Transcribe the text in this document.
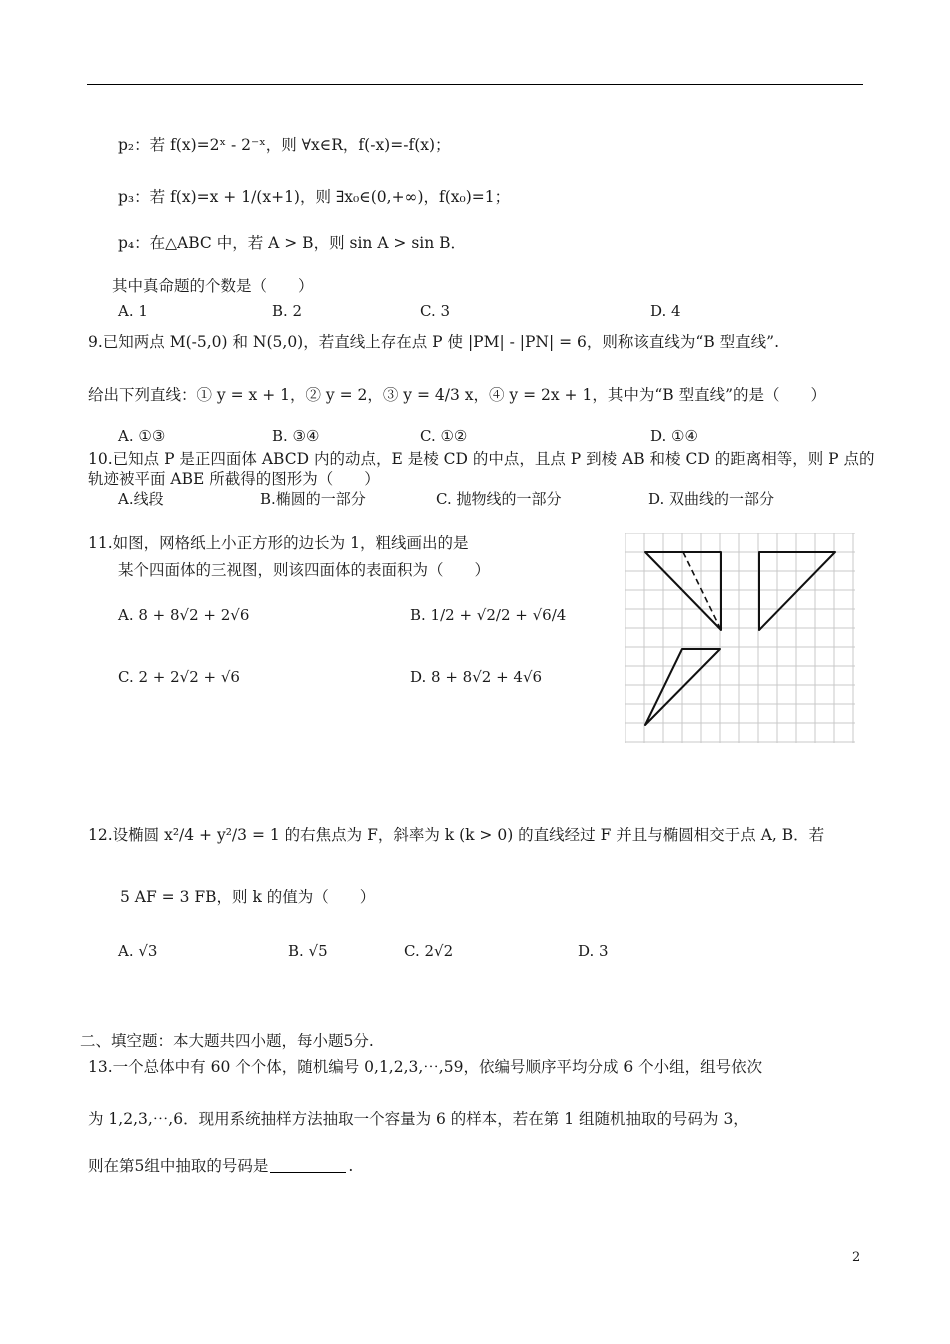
p₂：若 f(x)=2ˣ - 2⁻ˣ，则 ∀x∈R，f(-x)=-f(x)；
p₃：若 f(x)=x + 1/(x+1)，则 ∃x₀∈(0,+∞)，f(x₀)=1；
p₄：在△ABC 中，若 A > B，则 sin A > sin B．
其中真命题的个数是（　　）
A. 1	B. 2	C. 3	D. 4
9.已知两点 M(-5,0) 和 N(5,0)，若直线上存在点 P 使 |PM| - |PN| = 6，则称该直线为“B 型直线”.
给出下列直线：① y = x + 1，② y = 2，③ y = 4/3 x，④ y = 2x + 1，其中为“B 型直线”的是（　　）
A. ①③	B. ③④	C. ①②	D. ①④
10.已知点 P 是正四面体 ABCD 内的动点，E 是棱 CD 的中点，且点 P 到棱 AB 和棱 CD 的距离相等，则 P 点的
轨迹被平面 ABE 所截得的图形为（　　）
A.线段	B.椭圆的一部分	C. 抛物线的一部分	D. 双曲线的一部分
11.如图，网格纸上小正方形的边长为 1，粗线画出的是
某个四面体的三视图，则该四面体的表面积为（　　）
A. 8 + 8√2 + 2√6	B. 1/2 + √2/2 + √6/4
C. 2 + 2√2 + √6	D. 8 + 8√2 + 4√6
12.设椭圆 x²/4 + y²/3 = 1 的右焦点为 F，斜率为 k (k > 0) 的直线经过 F 并且与椭圆相交于点 A, B．若
5 AF = 3 FB，则 k 的值为（　　）
A. √3	B. √5	C. 2√2	D. 3
二、填空题：本大题共四小题，每小题5分.
13.一个总体中有 60 个个体，随机编号 0,1,2,3,⋯,59，依编号顺序平均分成 6 个小组，组号依次
为 1,2,3,⋯,6．现用系统抽样方法抽取一个容量为 6 的样本，若在第 1 组随机抽取的号码为 3，
则在第5组中抽取的号码是	.
2
